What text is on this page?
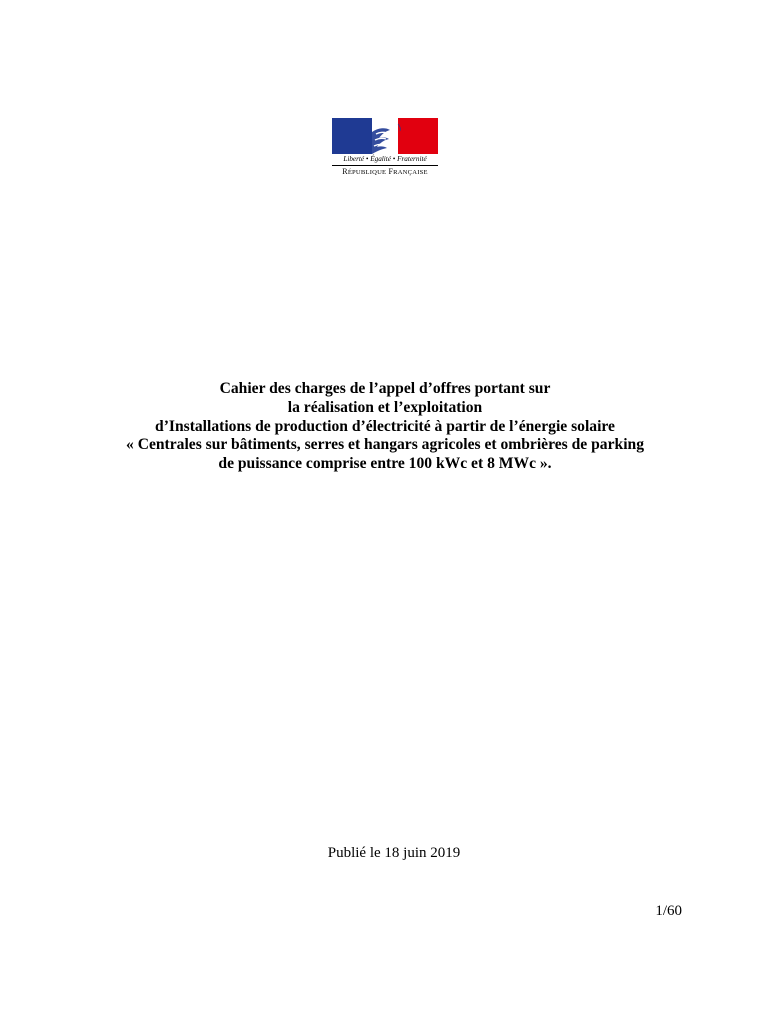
Liberté • Égalité • Fraternité
RÉPUBLIQUE FRANÇAISE
Cahier des charges de l’appel d’offres portant sur
la réalisation et l’exploitation
d’Installations de production d’électricité à partir de l’énergie solaire
« Centrales sur bâtiments, serres et hangars agricoles et ombrières de parking
de puissance comprise entre 100 kWc et 8 MWc ».
Publié le 18 juin 2019
1/60
